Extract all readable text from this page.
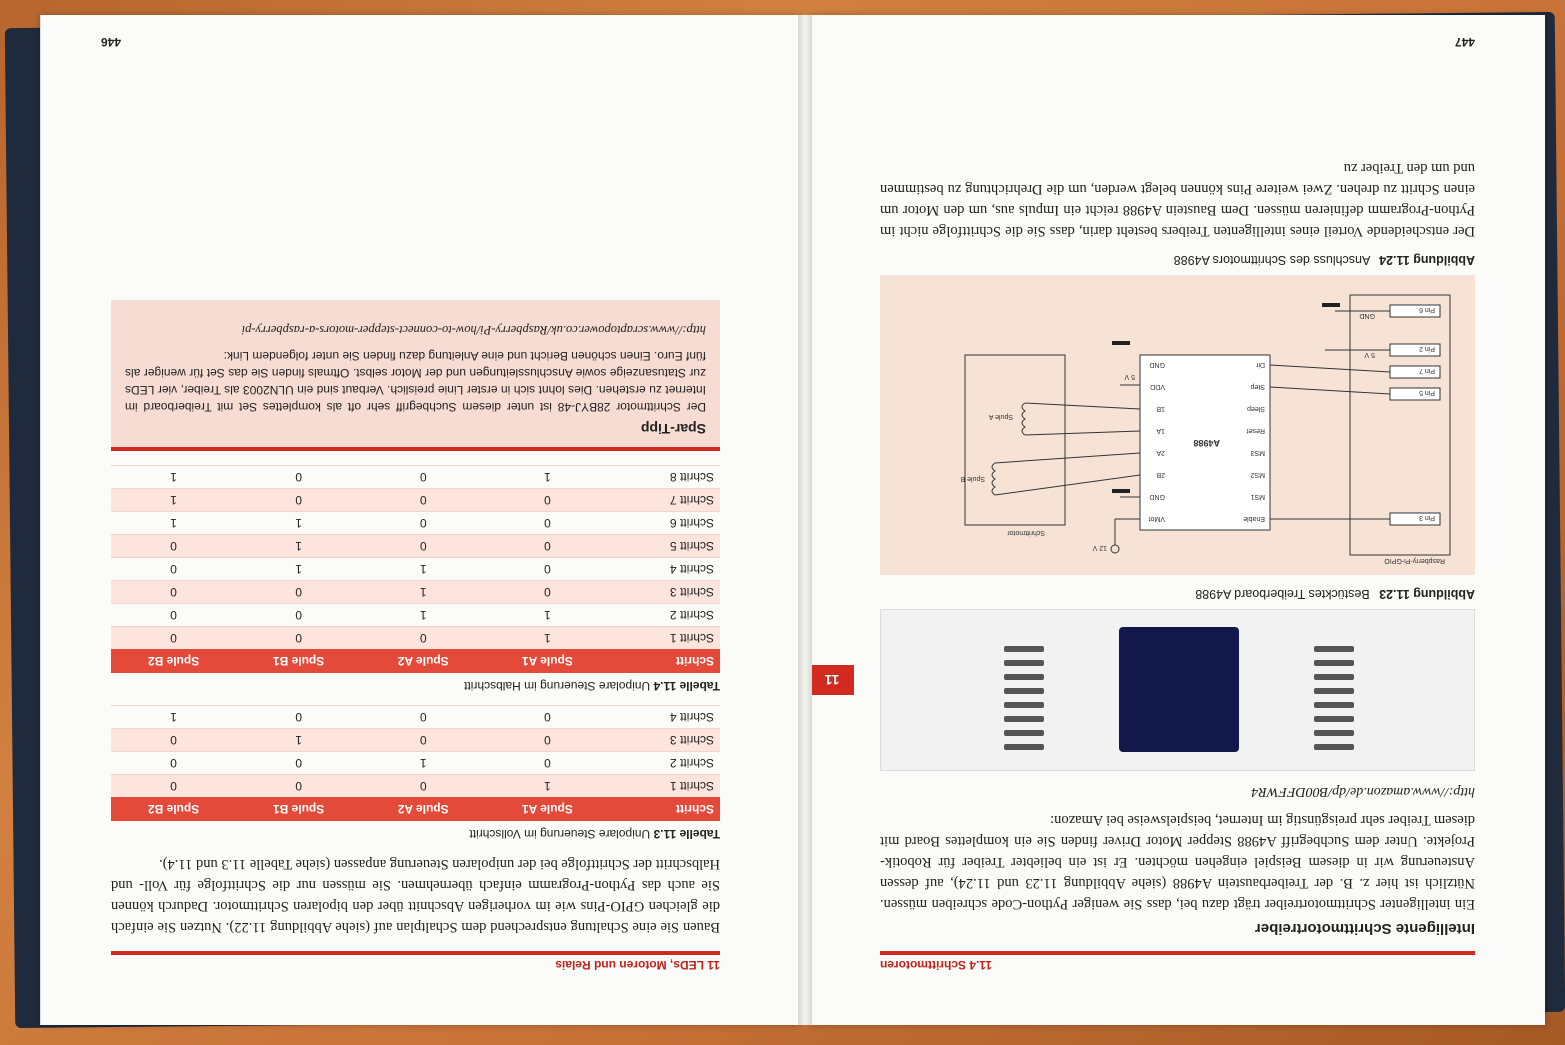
11 LEDs, Motoren und Relais

Bauen Sie eine Schaltung entsprechend dem Schaltplan auf (siehe Abbildung 11.22). Nutzen Sie einfach die gleichen GPIO-Pins wie im vorherigen Abschnitt über den bipolaren Schrittmotor. Dadurch können Sie auch das Python-Programm einfach übernehmen. Sie müssen nur die Schrittfolge für Voll- und Halbschritt der Schrittfolge bei der unipolaren Steuerung anpassen (siehe Tabelle 11.3 und 11.4).

Tabelle 11.3 Unipolare Steuerung im Vollschritt
Schritt	Spule A1	Spule A2	Spule B1	Spule B2
Schritt 1	1	0	0	0
Schritt 2	0	1	0	0
Schritt 3	0	0	1	0
Schritt 4	0	0	0	1
Tabelle 11.4 Unipolare Steuerung im Halbschritt
Schritt	Spule A1	Spule A2	Spule B1	Spule B2
Schritt 1	1	0	0	0
Schritt 2	1	1	0	0
Schritt 3	0	1	0	0
Schritt 4	0	1	1	0
Schritt 5	0	0	1	0
Schritt 6	0	0	1	1
Schritt 7	0	0	0	1
Schritt 8	1	0	0	1
Spar-Tipp

Der Schrittmotor 28BYJ-48 ist unter diesem Suchbegriff sehr oft als komplettes Set mit Treiberboard im Internet zu erstehen. Dies lohnt sich in erster Linie preislich. Verbaut sind ein ULN2003 als Treiber, vier LEDs zur Statusanzeige sowie Anschlussleitungen und der Motor selbst. Oftmals finden Sie das Set für weniger als fünf Euro. Einen schönen Bericht und eine Anleitung dazu finden Sie unter folgendem Link:

http://www.scraptopower.co.uk/Raspberry-Pi/how-to-connect-stepper-motors-a-raspberry-pi
446
11.4 Schrittmotoren
11
Intelligente Schrittmotortreiber

Ein intelligenter Schrittmotortreiber trägt dazu bei, dass Sie weniger Python-Code schreiben müssen. Nützlich ist hier z. B. der Treiberbaustein A4988 (siehe Abbildung 11.23 und 11.24), auf dessen Ansteuerung wir in diesem Beispiel eingehen möchten. Er ist ein beliebter Treiber für Robotik-Projekte. Unter dem Suchbegriff A4988 Stepper Motor Driver finden Sie ein komplettes Board mit diesem Treiber sehr preisgünstig im Internet, beispielsweise bei Amazon:

http://www.amazon.de/dp/B00DFFWR4
Abbildung 11.23 Bestücktes Treiberboard A4988
Raspberry-Pi-GPIO
Pin 3
Pin 5
Pin 7
Pin 2
Pin 6
A4988
Enable
MS1
MS2
MS3
Reset
Sleep
Step
Dir
VMot
GND
2B
2A
1A
1B
VDD
GND
5 V
GND
12 V
5 V
Schrittmotor
Spule A
Spule B
Abbildung 11.24 Anschluss des Schrittmotors A4988

Der entscheidende Vorteil eines intelligenten Treibers besteht darin, dass Sie die Schrittfolge nicht im Python-Programm definieren müssen. Dem Baustein A4988 reicht ein Impuls aus, um den Motor um einen Schritt zu drehen. Zwei weitere Pins können belegt werden, um die Drehrichtung zu bestimmen und um den Treiber zu

447
